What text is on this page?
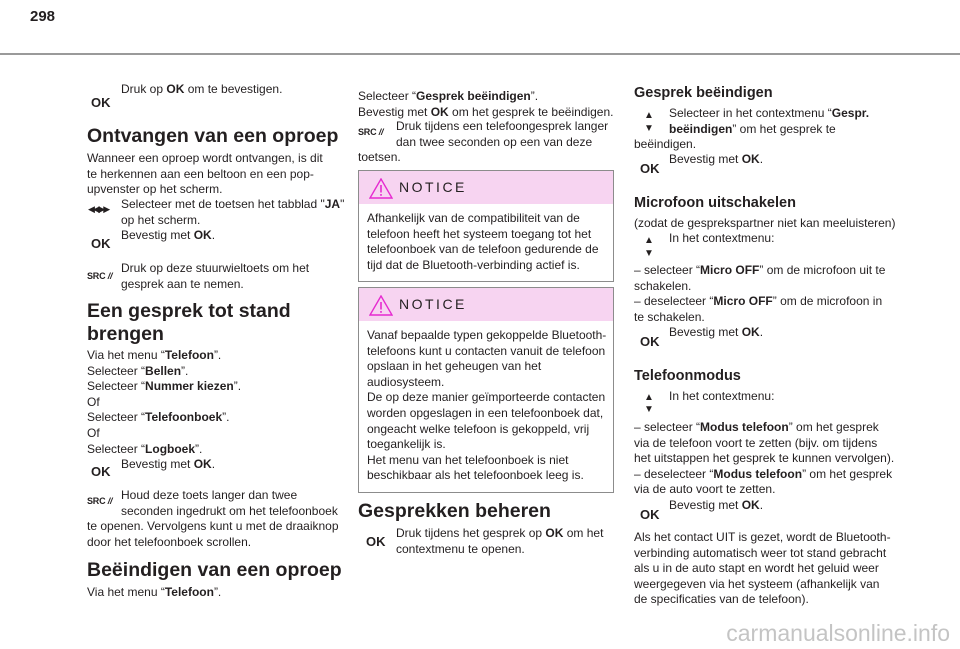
298
OK
Druk op OK om te bevestigen.
Ontvangen van een oproep
Wanneer een oproep wordt ontvangen, is dit
te herkennen aan een beltoon en een pop-
upvenster op het scherm.
◀◀ ▶▶ Selecteer met de toetsen het tabblad "JA"
op het scherm.
Bevestig met OK.
OK
SRC //
Druk op deze stuurwieltoets om het
gesprek aan te nemen.
Een gesprek tot stand
brengen
Via het menu “Telefoon”.
Selecteer “Bellen”.
Selecteer “Nummer kiezen”.
Of
Selecteer “Telefoonboek”.
Of
Selecteer “Logboek”.
OK Bevestig met OK.
SRC // Houd deze toets langer dan twee
seconden ingedrukt om het telefoonboek
te openen. Vervolgens kunt u met de draaiknop
door het telefoonboek scrollen.
Beëindigen van een oproep
Via het menu “Telefoon”.
Selecteer “Gesprek beëindigen”.
Bevestig met OK om het gesprek te beëindigen.
SRC // Druk tijdens een telefoongesprek langer
dan twee seconden op een van deze
toetsen.
NOTICE
Afhankelijk van de compatibiliteit van de
telefoon heeft het systeem toegang tot het
telefoonboek van de telefoon gedurende de
tijd dat de Bluetooth-verbinding actief is.
NOTICE
Vanaf bepaalde typen gekoppelde Bluetooth-
telefoons kunt u contacten vanuit de telefoon
opslaan in het geheugen van het
audiosysteem.
De op deze manier geïmporteerde contacten
worden opgeslagen in een telefoonboek dat,
ongeacht welke telefoon is gekoppeld, vrij
toegankelijk is.
Het menu van het telefoonboek is niet
beschikbaar als het telefoonboek leeg is.
Gesprekken beheren
OK
Druk tijdens het gesprek op OK om het
contextmenu te openen.
Gesprek beëindigen
▲
▼
Selecteer in het contextmenu “Gespr.
beëindigen” om het gesprek te
beëindigen.
Bevestig met OK.
OK
Microfoon uitschakelen
(zodat de gesprekspartner niet kan meeluisteren)
▲
▼
In het contextmenu:
– selecteer “Micro OFF” om de microfoon uit te
schakelen.
– deselecteer “Micro OFF” om de microfoon in
te schakelen.
Bevestig met OK.
OK
Telefoonmodus
▲
▼
In het contextmenu:
– selecteer “Modus telefoon” om het gesprek
via de telefoon voort te zetten (bijv. om tijdens
het uitstappen het gesprek te kunnen vervolgen).
– deselecteer “Modus telefoon” om het gesprek
via de auto voort te zetten.
Bevestig met OK.
OK
Als het contact UIT is gezet, wordt de Bluetooth-
verbinding automatisch weer tot stand gebracht
als u in de auto stapt en wordt het geluid weer
weergegeven via het systeem (afhankelijk van
de specificaties van de telefoon).
carmanualsonline.info
